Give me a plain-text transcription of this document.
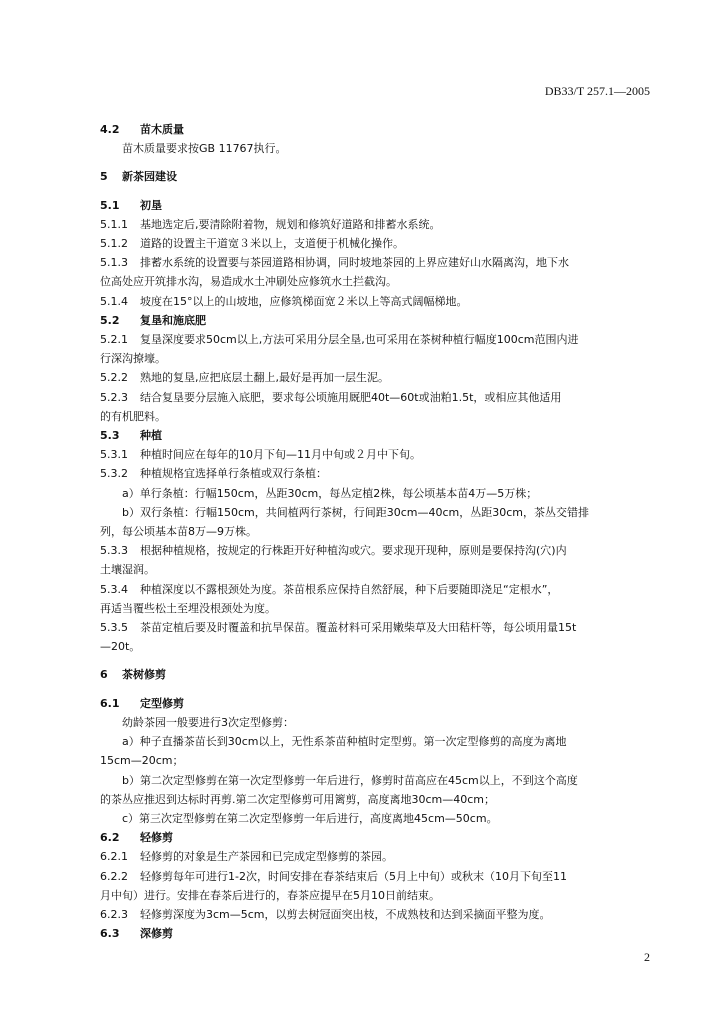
DB33/T 257.1—2005
4.2 苗木质量
苗木质量要求按GB 11767执行。
5 新茶园建设
5.1 初垦
5.1.1 基地选定后,要清除附着物，规划和修筑好道路和排蓄水系统。
5.1.2 道路的设置主干道宽３米以上，支道便于机械化操作。
5.1.3 排蓄水系统的设置要与茶园道路相协调，同时坡地茶园的上界应建好山水隔离沟，地下水
位高处应开筑排水沟，易造成水土冲刷处应修筑水土拦截沟。
5.1.4 坡度在15°以上的山坡地，应修筑梯面宽２米以上等高式阔幅梯地。
5.2 复垦和施底肥
5.2.1 复垦深度要求50cm以上,方法可采用分层全垦,也可采用在茶树种植行幅度100cm范围内进
行深沟撩壕。
5.2.2 熟地的复垦,应把底层土翻上,最好是再加一层生泥。
5.2.3 结合复垦要分层施入底肥，要求每公顷施用厩肥40t—60t或油粕1.5t，或相应其他适用
的有机肥料。
5.3 种植
5.3.1 种植时间应在每年的10月下旬—11月中旬或２月中下旬。
5.3.2 种植规格宜选择单行条植或双行条植：
a）单行条植：行幅150cm，丛距30cm，每丛定植2株，每公顷基本苗4万—5万株；
b）双行条植：行幅150cm，共间植两行茶树，行间距30cm—40cm，丛距30cm，茶丛交错排
列，每公顷基本苗8万—9万株。
5.3.3 根据种植规格，按规定的行株距开好种植沟或穴。要求现开现种，原则是要保持沟(穴)内
土壤湿润。
5.3.4 种植深度以不露根颈处为度。茶苗根系应保持自然舒展，种下后要随即浇足“定根水”，
再适当覆些松土至埋没根颈处为度。
5.3.5 茶苗定植后要及时覆盖和抗旱保苗。覆盖材料可采用嫩柴草及大田秸杆等，每公顷用量15t
—20t。
6 茶树修剪
6.1 定型修剪
幼龄茶园一般要进行3次定型修剪：
a）种子直播茶苗长到30cm以上，无性系茶苗种植时定型剪。第一次定型修剪的高度为离地
15cm—20cm；
b）第二次定型修剪在第一次定型修剪一年后进行，修剪时苗高应在45cm以上，不到这个高度
的茶丛应推迟到达标时再剪.第二次定型修剪可用篱剪，高度离地30cm—40cm；
c）第三次定型修剪在第二次定型修剪一年后进行，高度离地45cm—50cm。
6.2 轻修剪
6.2.1 轻修剪的对象是生产茶园和已完成定型修剪的茶园。
6.2.2 轻修剪每年可进行1-2次，时间安排在春茶结束后（5月上中旬）或秋末（10月下旬至11
月中旬）进行。安排在春茶后进行的，春茶应提早在5月10日前结束。
6.2.3 轻修剪深度为3cm—5cm，以剪去树冠面突出枝，不成熟枝和达到采摘面平整为度。
6.3 深修剪
2
